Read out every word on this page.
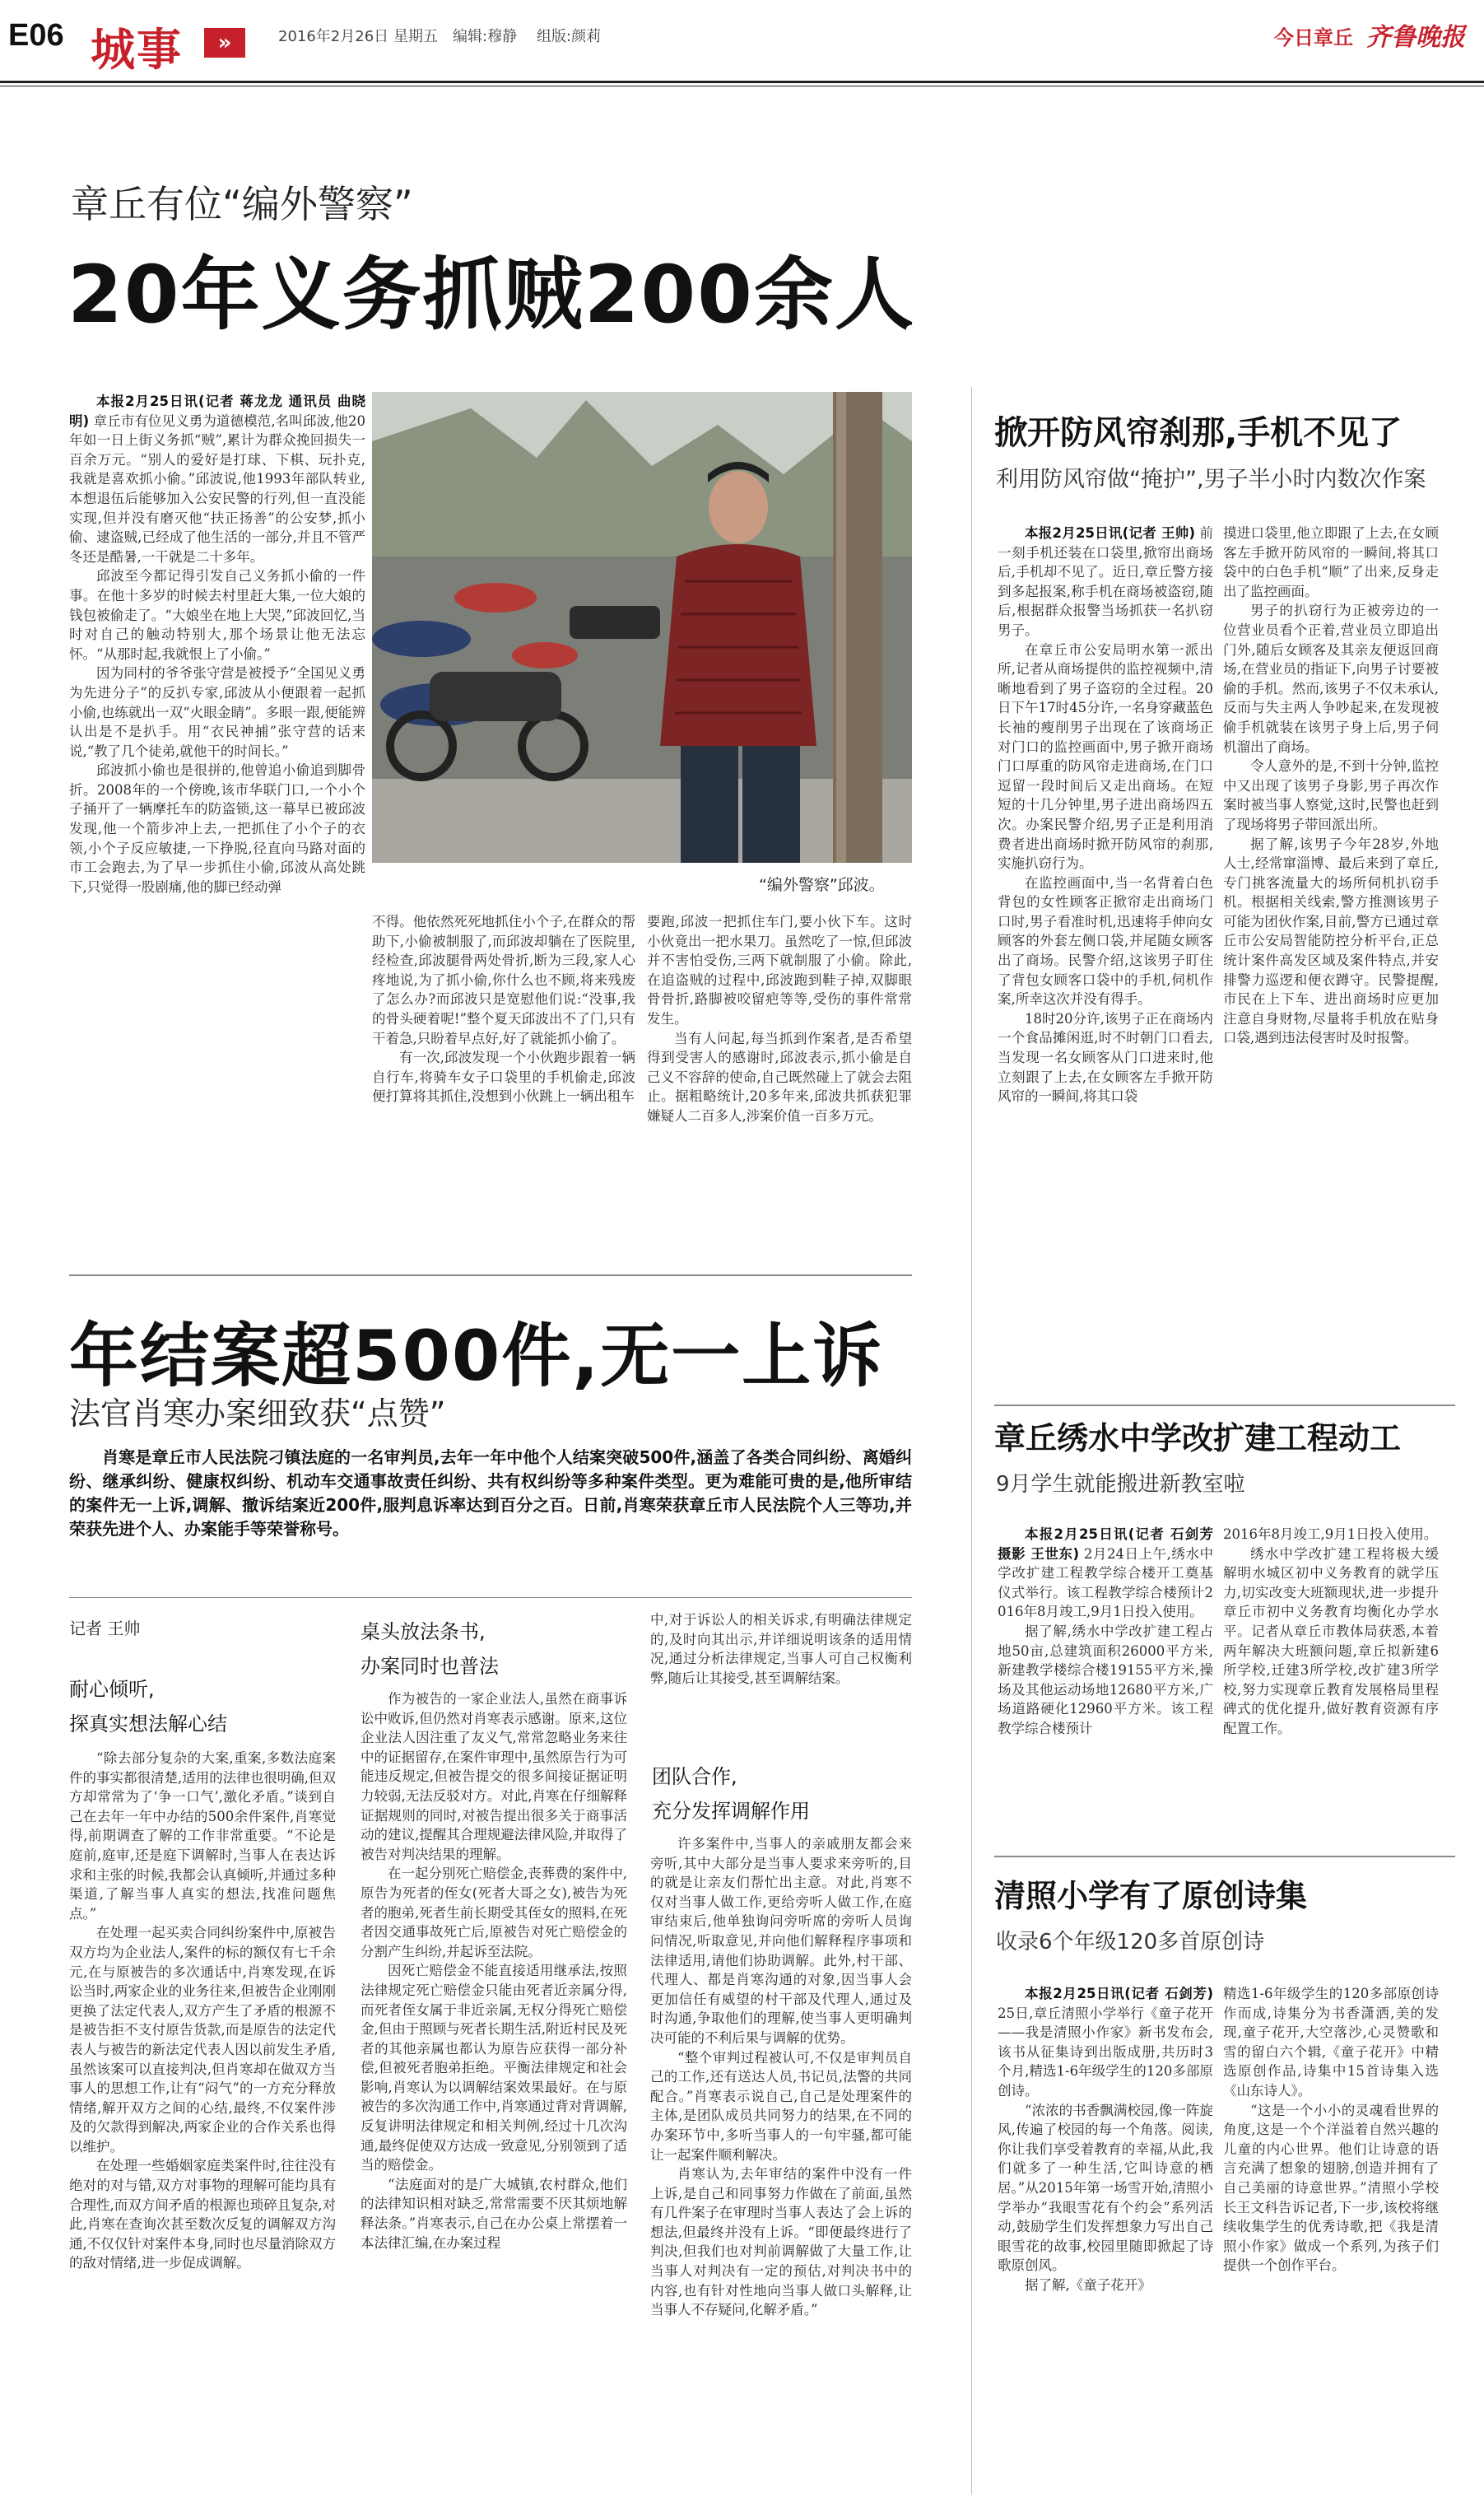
E06 城事	»	2016年2月26日 星期五 编辑:穆静 组版:颜莉	今日章丘 齐鲁晚报
章丘有位“编外警察”
20年义务抓贼200余人

本报2月25日讯(记者 蒋龙龙 通讯员 曲晓明) 章丘市有位见义勇为道德模范,名叫邱波,他20年如一日上街义务抓“贼”,累计为群众挽回损失一百余万元。“别人的爱好是打球、下棋、玩扑克,我就是喜欢抓小偷。”邱波说,他1993年部队转业,本想退伍后能够加入公安民警的行列,但一直没能实现,但并没有磨灭他“扶正扬善”的公安梦,抓小偷、逮盗贼,已经成了他生活的一部分,并且不管严冬还是酷暑,一干就是二十多年。

邱波至今都记得引发自己义务抓小偷的一件事。在他十多岁的时候去村里赶大集,一位大娘的钱包被偷走了。“大娘坐在地上大哭,”邱波回忆,当时对自己的触动特别大,那个场景让他无法忘怀。“从那时起,我就恨上了小偷。”

因为同村的爷爷张守营是被授予“全国见义勇为先进分子”的反扒专家,邱波从小便跟着一起抓小偷,也练就出一双“火眼金睛”。多眼一跟,便能辨认出是不是扒手。用“衣民神捕”张守营的话来说,“教了几个徒弟,就他干的时间长。”

邱波抓小偷也是很拼的,他曾追小偷追到脚骨折。2008年的一个傍晚,该市华联门口,一个小个子捅开了一辆摩托车的防盗锁,这一幕早已被邱波发现,他一个箭步冲上去,一把抓住了小个子的衣领,小个子反应敏捷,一下挣脱,径直向马路对面的市工会跑去,为了早一步抓住小偷,邱波从高处跳下,只觉得一股剧痛,他的脚已经动弹	“编外警察”邱波。

不得。他依然死死地抓住小个子,在群众的帮助下,小偷被制服了,而邱波却躺在了医院里,经检查,邱波腿骨两处骨折,断为三段,家人心疼地说,为了抓小偷,你什么也不顾,将来残废了怎么办?而邱波只是宽慰他们说:“没事,我的骨头硬着呢!”整个夏天邱波出不了门,只有干着急,只盼着早点好,好了就能抓小偷了。

有一次,邱波发现一个小伙跑步跟着一辆自行车,将骑车女子口袋里的手机偷走,邱波便打算将其抓住,没想到小伙跳上一辆出租车

要跑,邱波一把抓住车门,要小伙下车。这时小伙竟出一把水果刀。虽然吃了一惊,但邱波并不害怕受伤,三两下就制服了小偷。除此,在追盗贼的过程中,邱波跑到鞋子掉,双脚眼骨骨折,路脚被咬留疤等等,受伤的事件常常发生。

当有人问起,每当抓到作案者,是否希望得到受害人的感谢时,邱波表示,抓小偷是自己义不容辞的使命,自己既然碰上了就会去阻止。据粗略统计,20多年来,邱波共抓获犯罪嫌疑人二百多人,涉案价值一百多万元。

掀开防风帘刹那,手机不见了
利用防风帘做“掩护”,男子半小时内数次作案

本报2月25日讯(记者 王帅) 前一刻手机还装在口袋里,掀帘出商场后,手机却不见了。近日,章丘警方接到多起报案,称手机在商场被盗窃,随后,根据群众报警当场抓获一名扒窃男子。

在章丘市公安局明水第一派出所,记者从商场提供的监控视频中,清晰地看到了男子盗窃的全过程。20日下午17时45分许,一名身穿藏蓝色长袖的瘦削男子出现在了该商场正对门口的监控画面中,男子掀开商场门口厚重的防风帘走进商场,在门口逗留一段时间后又走出商场。在短短的十几分钟里,男子进出商场四五次。办案民警介绍,男子正是利用消费者进出商场时掀开防风帘的刹那,实施扒窃行为。

在监控画面中,当一名背着白色背包的女性顾客正掀帘走出商场门口时,男子看准时机,迅速将手伸向女顾客的外套左侧口袋,并尾随女顾客出了商场。民警介绍,这该男子盯住了背包女顾客口袋中的手机,伺机作案,所幸这次并没有得手。

18时20分许,该男子正在商场内一个食品摊闲逛,时不时朝门口看去,当发现一名女顾客从门口进来时,他立刻跟了上去,在女顾客左手掀开防风帘的一瞬间,将其口袋

摸进口袋里,他立即跟了上去,在女顾客左手掀开防风帘的一瞬间,将其口袋中的白色手机“顺”了出来,反身走出了监控画面。

男子的扒窃行为正被旁边的一位营业员看个正着,营业员立即追出门外,随后女顾客及其亲友便返回商场,在营业员的指证下,向男子讨要被偷的手机。然而,该男子不仅未承认,反而与失主两人争吵起来,在发现被偷手机就装在该男子身上后,男子伺机溜出了商场。

令人意外的是,不到十分钟,监控中又出现了该男子身影,男子再次作案时被当事人察觉,这时,民警也赶到了现场将男子带回派出所。

据了解,该男子今年28岁,外地人士,经常窜淄博、最后来到了章丘,专门挑客流量大的场所伺机扒窃手机。根据相关线索,警方推测该男子可能为团伙作案,目前,警方已通过章丘市公安局智能防控分析平台,正总统计案件高发区域及案件特点,并安排警力巡逻和便衣蹲守。民警提醒,市民在上下车、进出商场时应更加注意自身财物,尽量将手机放在贴身口袋,遇到违法侵害时及时报警。

年结案超500件,无一上诉
法官肖寒办案细致获“点赞”
肖寒是章丘市人民法院刁镇法庭的一名审判员,去年一年中他个人结案突破500件,涵盖了各类合同纠纷、离婚纠纷、继承纠纷、健康权纠纷、机动车交通事故责任纠纷、共有权纠纷等多种案件类型。更为难能可贵的是,他所审结的案件无一上诉,调解、撤诉结案近200件,服判息诉率达到百分之百。日前,肖寒荣获章丘市人民法院个人三等功,并荣获先进个人、办案能手等荣誉称号。
记者 王帅
耐心倾听,
探真实想法解心结

“除去部分复杂的大案,重案,多数法庭案件的事实都很清楚,适用的法律也很明确,但双方却常常为了‘争一口气’,激化矛盾。”谈到自己在去年一年中办结的500余件案件,肖寒觉得,前期调查了解的工作非常重要。“不论是庭前,庭审,还是庭下调解时,当事人在表达诉求和主张的时候,我都会认真倾听,并通过多种渠道,了解当事人真实的想法,找准问题焦点。”

在处理一起买卖合同纠纷案件中,原被告双方均为企业法人,案件的标的额仅有七千余元,在与原被告的多次通话中,肖寒发现,在诉讼当时,两家企业的业务往来,但被告企业刚刚更换了法定代表人,双方产生了矛盾的根源不是被告拒不支付原告货款,而是原告的法定代表人与被告的新法定代表人因以前发生矛盾,虽然该案可以直接判决,但肖寒却在做双方当事人的思想工作,让有“闷气”的一方充分释放情绪,解开双方之间的心结,最终,不仅案件涉及的欠款得到解决,两家企业的合作关系也得以维护。

在处理一些婚姻家庭类案件时,往往没有绝对的对与错,双方对事物的理解可能均具有合理性,而双方间矛盾的根源也琐碎且复杂,对此,肖寒在查询次甚至数次反复的调解双方沟通,不仅仅针对案件本身,同时也尽量消除双方的敌对情绪,进一步促成调解。

桌头放法条书,
办案同时也普法

作为被告的一家企业法人,虽然在商事诉讼中败诉,但仍然对肖寒表示感谢。原来,这位企业法人因注重了友义气,常常忽略业务来往中的证据留存,在案件审理中,虽然原告行为可能违反规定,但被告提交的很多间接证据证明力较弱,无法反驳对方。对此,肖寒在仔细解释证据规则的同时,对被告提出很多关于商事活动的建议,提醒其合理规避法律风险,并取得了被告对判决结果的理解。

在一起分别死亡赔偿金,丧葬费的案件中,原告为死者的侄女(死者大哥之女),被告为死者的胞弟,死者生前长期受其侄女的照料,在死者因交通事故死亡后,原被告对死亡赔偿金的分割产生纠纷,并起诉至法院。

因死亡赔偿金不能直接适用继承法,按照法律规定死亡赔偿金只能由死者近亲属分得,而死者侄女属于非近亲属,无权分得死亡赔偿金,但由于照顾与死者长期生活,附近村民及死者的其他亲属也都认为原告应获得一部分补偿,但被死者胞弟拒绝。平衡法律规定和社会影响,肖寒认为以调解结案效果最好。在与原被告的多次沟通工作中,肖寒通过背对背调解,反复讲明法律规定和相关判例,经过十几次沟通,最终促使双方达成一致意见,分别领到了适当的赔偿金。

“法庭面对的是广大城镇,农村群众,他们的法律知识相对缺乏,常常需要不厌其烦地解释法条。”肖寒表示,自己在办公桌上常摆着一本法律汇编,在办案过程

中,对于诉讼人的相关诉求,有明确法律规定的,及时向其出示,并详细说明该条的适用情况,通过分析法律规定,当事人可自己权衡利弊,随后让其接受,甚至调解结案。

团队合作,
充分发挥调解作用

许多案件中,当事人的亲戚朋友都会来旁听,其中大部分是当事人要求来旁听的,目的就是让亲友们帮忙出主意。对此,肖寒不仅对当事人做工作,更给旁听人做工作,在庭审结束后,他单独询问旁听席的旁听人员询问情况,听取意见,并向他们解释程序事项和法律适用,请他们协助调解。此外,村干部、代理人、都是肖寒沟通的对象,因当事人会更加信任有威望的村干部及代理人,通过及时沟通,争取他们的理解,使当事人更明确判决可能的不利后果与调解的优势。

“整个审判过程被认可,不仅是审判员自己的工作,还有送达人员,书记员,法警的共同配合。”肖寒表示说自己,自己是处理案件的主体,是团队成员共同努力的结果,在不同的办案环节中,多听当事人的一句牢骚,都可能让一起案件顺利解决。

肖寒认为,去年审结的案件中没有一件上诉,是自己和同事努力作做在了前面,虽然有几件案子在审理时当事人表达了会上诉的想法,但最终并没有上诉。“即便最终进行了判决,但我们也对判前调解做了大量工作,让当事人对判决有一定的预估,对判决书中的内容,也有针对性地向当事人做口头解释,让当事人不存疑问,化解矛盾。”

章丘绣水中学改扩建工程动工
9月学生就能搬进新教室啦

本报2月25日讯(记者 石剑芳 摄影 王世东) 2月24日上午,绣水中学改扩建工程教学综合楼开工奠基仪式举行。该工程教学综合楼预计2016年8月竣工,9月1日投入使用。

据了解,绣水中学改扩建工程占地50亩,总建筑面积26000平方米,新建教学楼综合楼19155平方米,操场及其他运动场地12680平方米,广场道路硬化12960平方米。该工程教学综合楼预计

2016年8月竣工,9月1日投入使用。

绣水中学改扩建工程将极大缓解明水城区初中义务教育的就学压力,切实改变大班额现状,进一步提升章丘市初中义务教育均衡化办学水平。记者从章丘市教体局获悉,本着两年解决大班额问题,章丘拟新建6所学校,迁建3所学校,改扩建3所学校,努力实现章丘教育发展格局里程碑式的优化提升,做好教育资源有序配置工作。

清照小学有了原创诗集
收录6个年级120多首原创诗

本报2月25日讯(记者 石剑芳) 25日,章丘清照小学举行《童子花开——我是清照小作家》新书发布会,该书从征集诗到出版成册,共历时3个月,精选1-6年级学生的120多部原创诗。

“浓浓的书香飘满校园,像一阵旋风,传遍了校园的每一个角落。阅读,你让我们享受着教育的幸福,从此,我们就多了一种生活,它叫诗意的栖居。”从2015年第一场雪开始,清照小学举办“我眼雪花有个约会”系列活动,鼓励学生们发挥想象力写出自己眼雪花的故事,校园里随即掀起了诗歌原创风。

据了解,《童子花开》

精选1-6年级学生的120多部原创诗作而成,诗集分为书香潇洒,美的发现,童子花开,大空落沙,心灵赞歌和雪的留白六个辑,《童子花开》中精选原创作品,诗集中15首诗集入选《山东诗人》。

“这是一个小小的灵魂看世界的角度,这是一个个洋溢着自然兴趣的儿童的内心世界。他们让诗意的语言充满了想象的翅膀,创造并拥有了自己美丽的诗意世界。”清照小学校长王文科告诉记者,下一步,该校将继续收集学生的优秀诗歌,把《我是清照小作家》做成一个系列,为孩子们提供一个创作平台。
